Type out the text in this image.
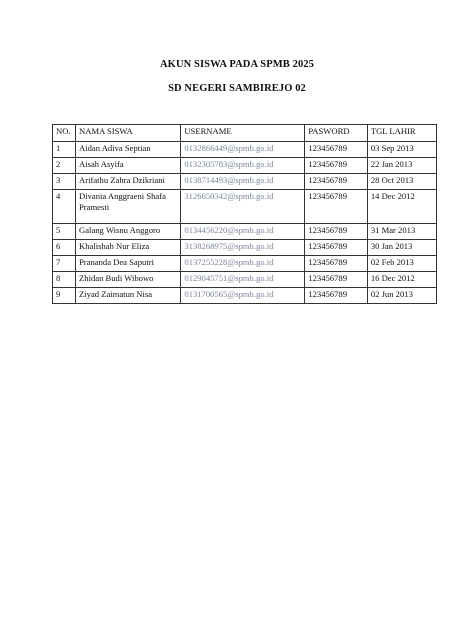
AKUN SISWA PADA SPMB 2025
SD NEGERI SAMBIREJO 02
NO.	NAMA SISWA	USERNAME	PASWORD	TGL LAHIR
1	Aidan Adiva Septian	0132866449@spmb.go.id	123456789	03 Sep 2013
2	Aisah Asyifa	0132305783@spmb.go.id	123456789	22 Jan 2013
3	Arifathu Zahra Dzikriani	0138714493@spmb.go.id	123456789	28 Oct 2013
4	Divania Anggraeni Shafa Pramesti	3126650342@spmb.go.id	123456789	14 Dec 2012
5	Galang Wisnu Anggoro	0134456220@spmb.go.id	123456789	31 Mar 2013
6	Khalishah Nur Eliza	3138268975@spmb.go.id	123456789	30 Jan 2013
7	Prananda Dea Saputri	0137255228@spmb.go.id	123456789	02 Feb 2013
8	Zhidan Budi Wibowo	0129045751@spmb.go.id	123456789	16 Dec 2012
9	Ziyad Zaimatun Nisa	0131700565@spmb.go.id	123456789	02 Jun 2013
